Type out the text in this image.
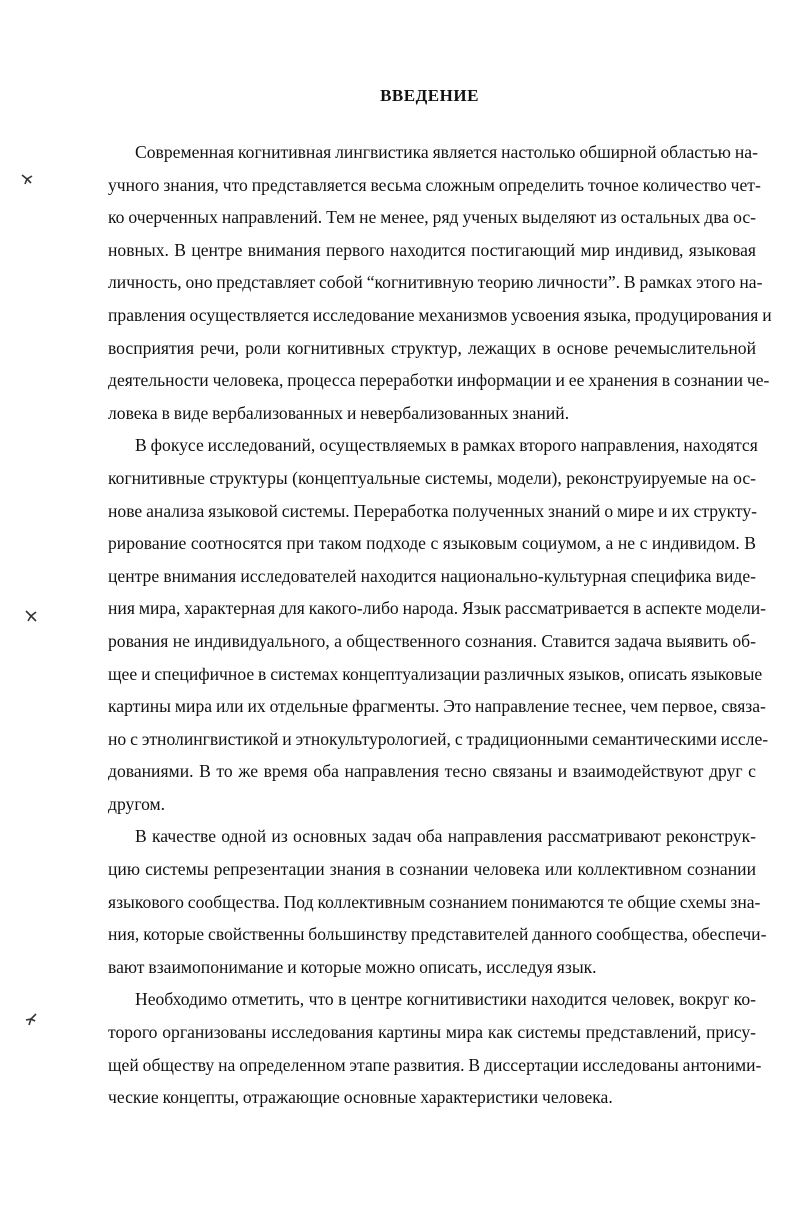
ВВЕДЕНИЕ
Современная когнитивная лингвистика является настолько обширной областью на-
учного знания, что представляется весьма сложным определить точное количество чет-
ко очерченных направлений. Тем не менее, ряд ученых выделяют из остальных два ос-
новных. В центре внимания первого находится постигающий мир индивид, языковая
личность, оно представляет собой “когнитивную теорию личности”. В рамках этого на-
правления осуществляется исследование механизмов усвоения языка, продуцирования и
восприятия речи, роли когнитивных структур, лежащих в основе речемыслительной
деятельности человека, процесса переработки информации и ее хранения в сознании че-
ловека в виде вербализованных и невербализованных знаний.
В фокусе исследований, осуществляемых в рамках второго направления, находятся
когнитивные структуры (концептуальные системы, модели), реконструируемые на ос-
нове анализа языковой системы. Переработка полученных знаний о мире и их структу-
рирование соотносятся при таком подходе с языковым социумом, а не с индивидом. В
центре внимания исследователей находится национально-культурная специфика виде-
ния мира, характерная для какого-либо народа. Язык рассматривается в аспекте модели-
рования не индивидуального, а общественного сознания. Ставится задача выявить об-
щее и специфичное в системах концептуализации различных языков, описать языковые
картины мира или их отдельные фрагменты. Это направление теснее, чем первое, связа-
но с этнолингвистикой и этнокультурологией, с традиционными семантическими иссле-
дованиями. В то же время оба направления тесно связаны и взаимодействуют друг с
другом.
В качестве одной из основных задач оба направления рассматривают реконструк-
цию системы репрезентации знания в сознании человека или коллективном сознании
языкового сообщества. Под коллективным сознанием понимаются те общие схемы зна-
ния, которые свойственны большинству представителей данного сообщества, обеспечи-
вают взаимопонимание и которые можно описать, исследуя язык.
Необходимо отметить, что в центре когнитивистики находится человек, вокруг ко-
торого организованы исследования картины мира как системы представлений, прису-
щей обществу на определенном этапе развития. В диссертации исследованы антоними-
ческие концепты, отражающие основные характеристики человека.
